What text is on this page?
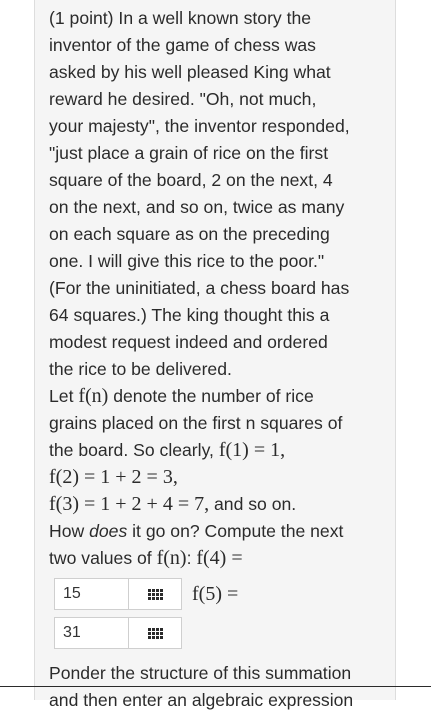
(1 point) In a well known story the
inventor of the game of chess was
asked by his well pleased King what
reward he desired. "Oh, not much,
your majesty", the inventor responded,
"just place a grain of rice on the first
square of the board, 2 on the next, 4
on the next, and so on, twice as many
on each square as on the preceding
one. I will give this rice to the poor."
(For the uninitiated, a chess board has
64 squares.) The king thought this a
modest request indeed and ordered
the rice to be delivered.
Let f(n) denote the number of rice
grains placed on the first n squares of
the board. So clearly, f(1) = 1,
f(2) = 1 + 2 = 3,
f(3) = 1 + 2 + 4 = 7, and so on.
How does it go on? Compute the next
two values of f(n): f(4) =
15	f(5) =
31
Ponder the structure of this summation
and then enter an algebraic expression
